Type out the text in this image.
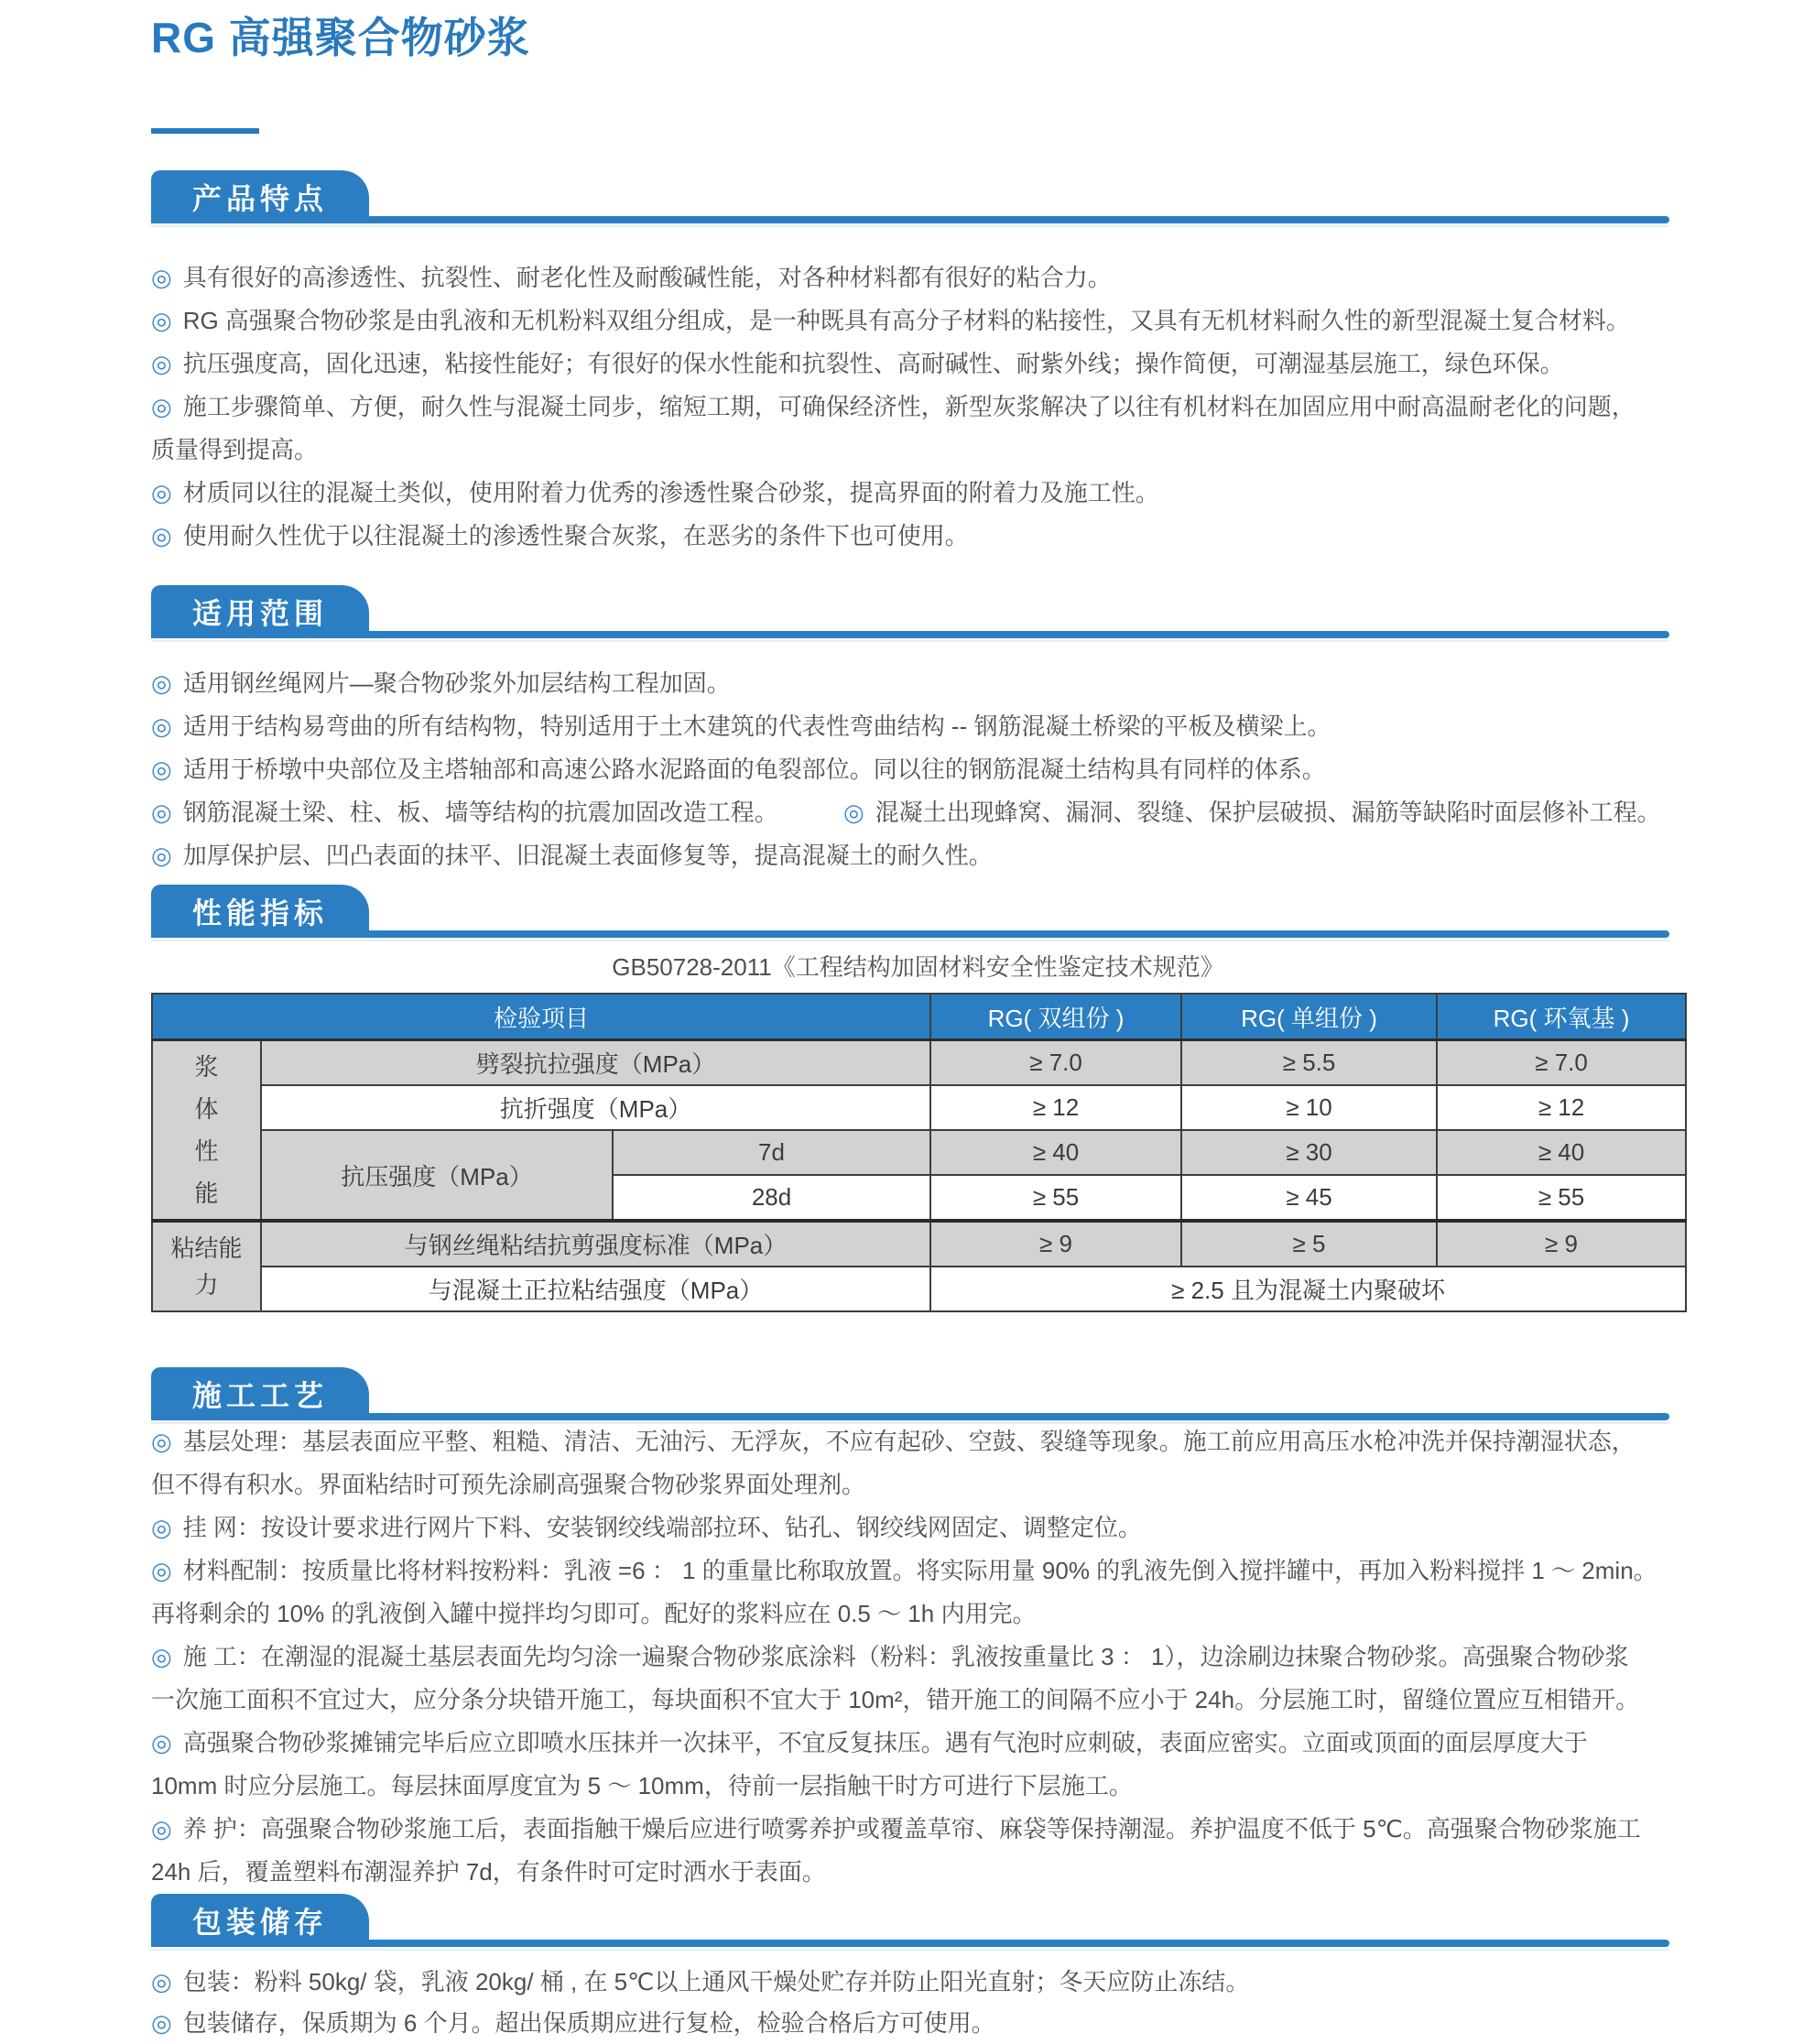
RG 高强聚合物砂浆
产品特点
◎ 具有很好的高渗透性、抗裂性、耐老化性及耐酸碱性能，对各种材料都有很好的粘合力。
◎ RG 高强聚合物砂浆是由乳液和无机粉料双组分组成，是一种既具有高分子材料的粘接性，又具有无机材料耐久性的新型混凝土复合材料。
◎ 抗压强度高，固化迅速，粘接性能好；有很好的保水性能和抗裂性、高耐碱性、耐紫外线；操作简便，可潮湿基层施工，绿色环保。
◎ 施工步骤简单、方便，耐久性与混凝土同步，缩短工期，可确保经济性，新型灰浆解决了以往有机材料在加固应用中耐高温耐老化的问题，
质量得到提高。
◎ 材质同以往的混凝土类似，使用附着力优秀的渗透性聚合砂浆，提高界面的附着力及施工性。
◎ 使用耐久性优于以往混凝土的渗透性聚合灰浆，在恶劣的条件下也可使用。
适用范围
◎ 适用钢丝绳网片—聚合物砂浆外加层结构工程加固。
◎ 适用于结构易弯曲的所有结构物，特别适用于土木建筑的代表性弯曲结构 -- 钢筋混凝土桥梁的平板及横梁上。
◎ 适用于桥墩中央部位及主塔轴部和高速公路水泥路面的龟裂部位。同以往的钢筋混凝土结构具有同样的体系。
◎ 钢筋混凝土梁、柱、板、墙等结构的抗震加固改造工程。	◎ 混凝土出现蜂窝、漏洞、裂缝、保护层破损、漏筋等缺陷时面层修补工程。
◎ 加厚保护层、凹凸表面的抹平、旧混凝土表面修复等，提高混凝土的耐久性。
性能指标
GB50728-2011《工程结构加固材料安全性鉴定技术规范》
检验项目			RG( 双组份 )	RG( 单组份 )	RG( 环氧基 )

浆体性能	劈裂抗拉强度（MPa）		≥ 7.0	≥ 5.5	≥ 7.0
	抗折强度（MPa）		≥ 12	≥ 10	≥ 12
	抗压强度（MPa）	7d	≥ 40	≥ 30	≥ 40
		28d	≥ 55	≥ 45	≥ 55

粘结能力	与钢丝绳粘结抗剪强度标准（MPa）		≥ 9	≥ 5	≥ 9
	与混凝土正拉粘结强度（MPa）		≥ 2.5 且为混凝土内聚破坏		
施工工艺
◎ 基层处理：基层表面应平整、粗糙、清洁、无油污、无浮灰，不应有起砂、空鼓、裂缝等现象。施工前应用高压水枪冲洗并保持潮湿状态，
但不得有积水。界面粘结时可预先涂刷高强聚合物砂浆界面处理剂。
◎ 挂 网：按设计要求进行网片下料、安装钢绞线端部拉环、钻孔、钢绞线网固定、调整定位。
◎ 材料配制：按质量比将材料按粉料：乳液 =6 ： 1 的重量比称取放置。将实际用量 90% 的乳液先倒入搅拌罐中，再加入粉料搅拌 1 ～ 2min。
再将剩余的 10% 的乳液倒入罐中搅拌均匀即可。配好的浆料应在 0.5 ～ 1h 内用完。
◎ 施 工：在潮湿的混凝土基层表面先均匀涂一遍聚合物砂浆底涂料（粉料：乳液按重量比 3 ： 1），边涂刷边抹聚合物砂浆。高强聚合物砂浆
一次施工面积不宜过大，应分条分块错开施工，每块面积不宜大于 10m²，错开施工的间隔不应小于 24h。分层施工时，留缝位置应互相错开。
◎ 高强聚合物砂浆摊铺完毕后应立即喷水压抹并一次抹平，不宜反复抹压。遇有气泡时应刺破，表面应密实。立面或顶面的面层厚度大于
10mm 时应分层施工。每层抹面厚度宜为 5 ～ 10mm，待前一层指触干时方可进行下层施工。
◎ 养 护：高强聚合物砂浆施工后，表面指触干燥后应进行喷雾养护或覆盖草帘、麻袋等保持潮湿。养护温度不低于 5℃。高强聚合物砂浆施工
24h 后，覆盖塑料布潮湿养护 7d，有条件时可定时洒水于表面。
包装储存
◎ 包装：粉料 50kg/ 袋，乳液 20kg/ 桶 , 在 5℃以上通风干燥处贮存并防止阳光直射；冬天应防止冻结。
◎ 包装储存，保质期为 6 个月。超出保质期应进行复检，检验合格后方可使用。
